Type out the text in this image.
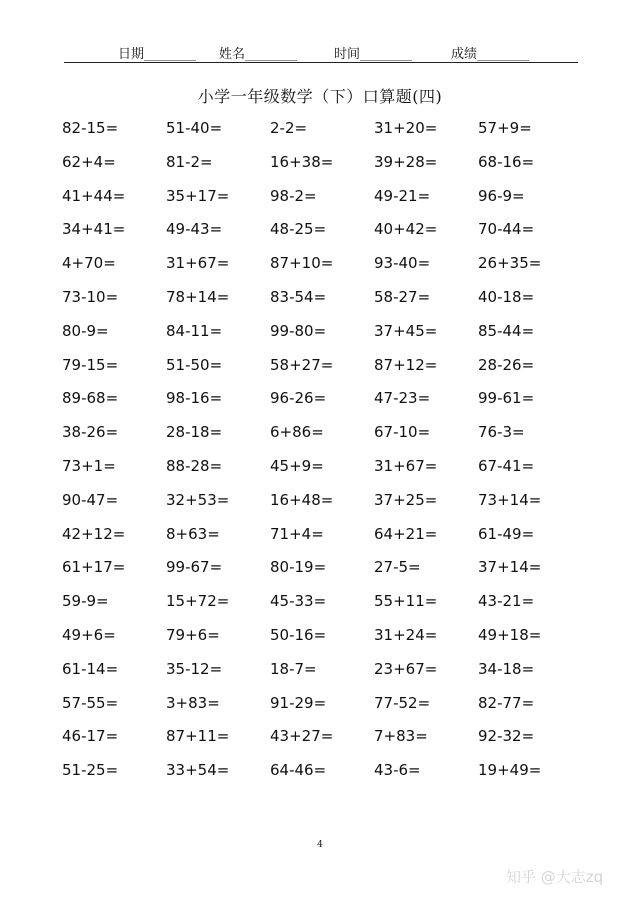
日期________ 姓名________	时间________	成绩________
小学一年级数学（下）口算题(四)
82-15=	51-40=	2-2=	31+20=	57+9=
62+4=	81-2=	16+38=	39+28=	68-16=
41+44=	35+17=	98-2=	49-21=	96-9=
34+41=	49-43=	48-25=	40+42=	70-44=
4+70=	31+67=	87+10=	93-40=	26+35=
73-10=	78+14=	83-54=	58-27=	40-18=
80-9=	84-11=	99-80=	37+45=	85-44=
79-15=	51-50=	58+27=	87+12=	28-26=
89-68=	98-16=	96-26=	47-23=	99-61=
38-26=	28-18=	6+86=	67-10=	76-3=
73+1=	88-28=	45+9=	31+67=	67-41=
90-47=	32+53=	16+48=	37+25=	73+14=
42+12=	8+63=	71+4=	64+21=	61-49=
61+17=	99-67=	80-19=	27-5=	37+14=
59-9=	15+72=	45-33=	55+11=	43-21=
49+6=	79+6=	50-16=	31+24=	49+18=
61-14=	35-12=	18-7=	23+67=	34-18=
57-55=	3+83=	91-29=	77-52=	82-77=
46-17=	87+11=	43+27=	7+83=	92-32=
51-25=	33+54=	64-46=	43-6=	19+49=
4
知乎 @大志zq
